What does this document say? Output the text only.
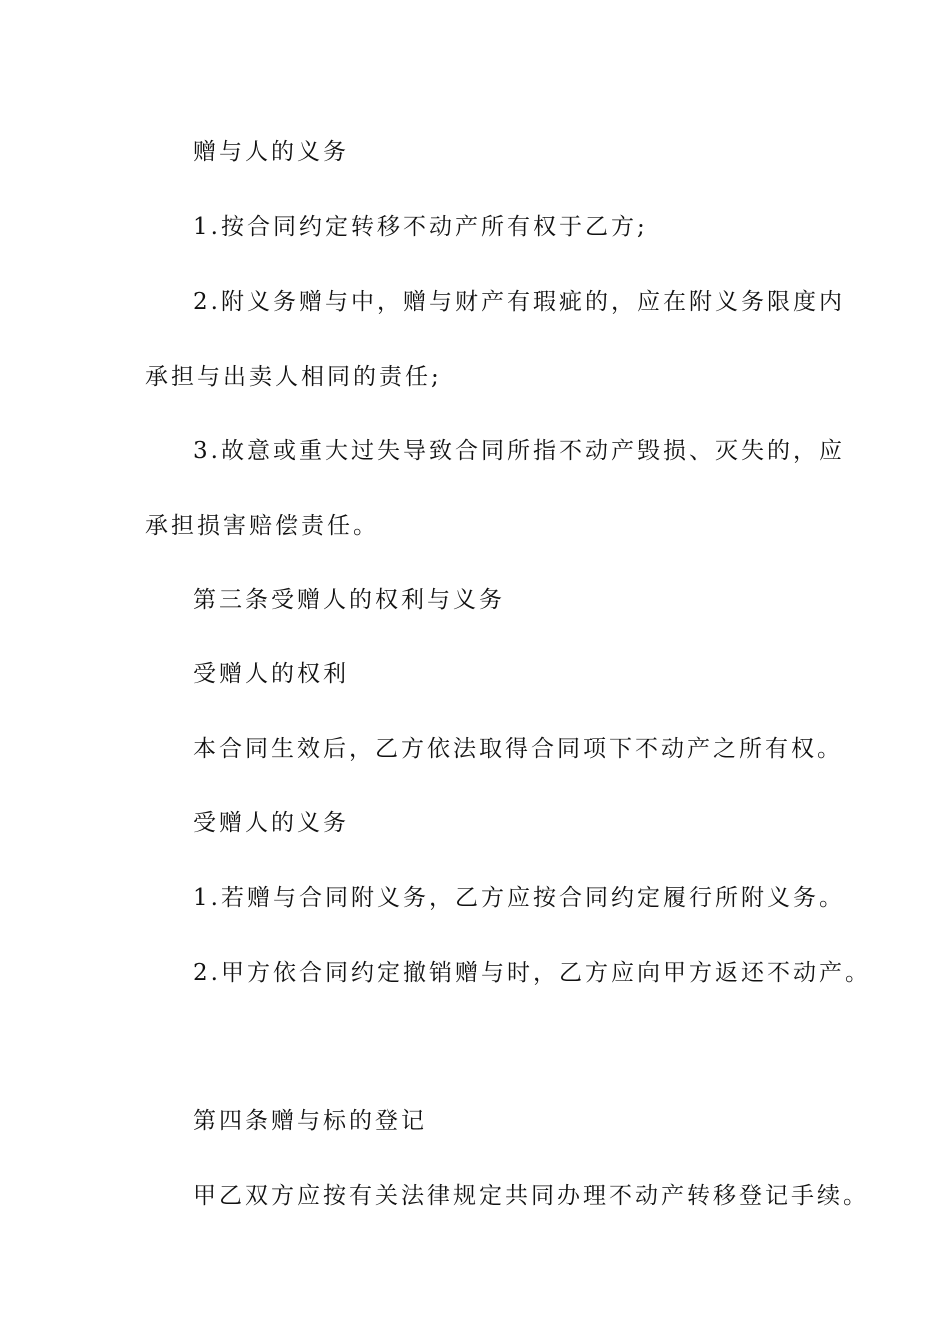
赠与人的义务
1.按合同约定转移不动产所有权于乙方;
2.附义务赠与中，赠与财产有瑕疵的，应在附义务限度内
承担与出卖人相同的责任;
3.故意或重大过失导致合同所指不动产毁损、灭失的，应
承担损害赔偿责任。
第三条受赠人的权利与义务
受赠人的权利
本合同生效后，乙方依法取得合同项下不动产之所有权。
受赠人的义务
1.若赠与合同附义务，乙方应按合同约定履行所附义务。
2.甲方依合同约定撤销赠与时，乙方应向甲方返还不动产。
第四条赠与标的登记
甲乙双方应按有关法律规定共同办理不动产转移登记手续。
